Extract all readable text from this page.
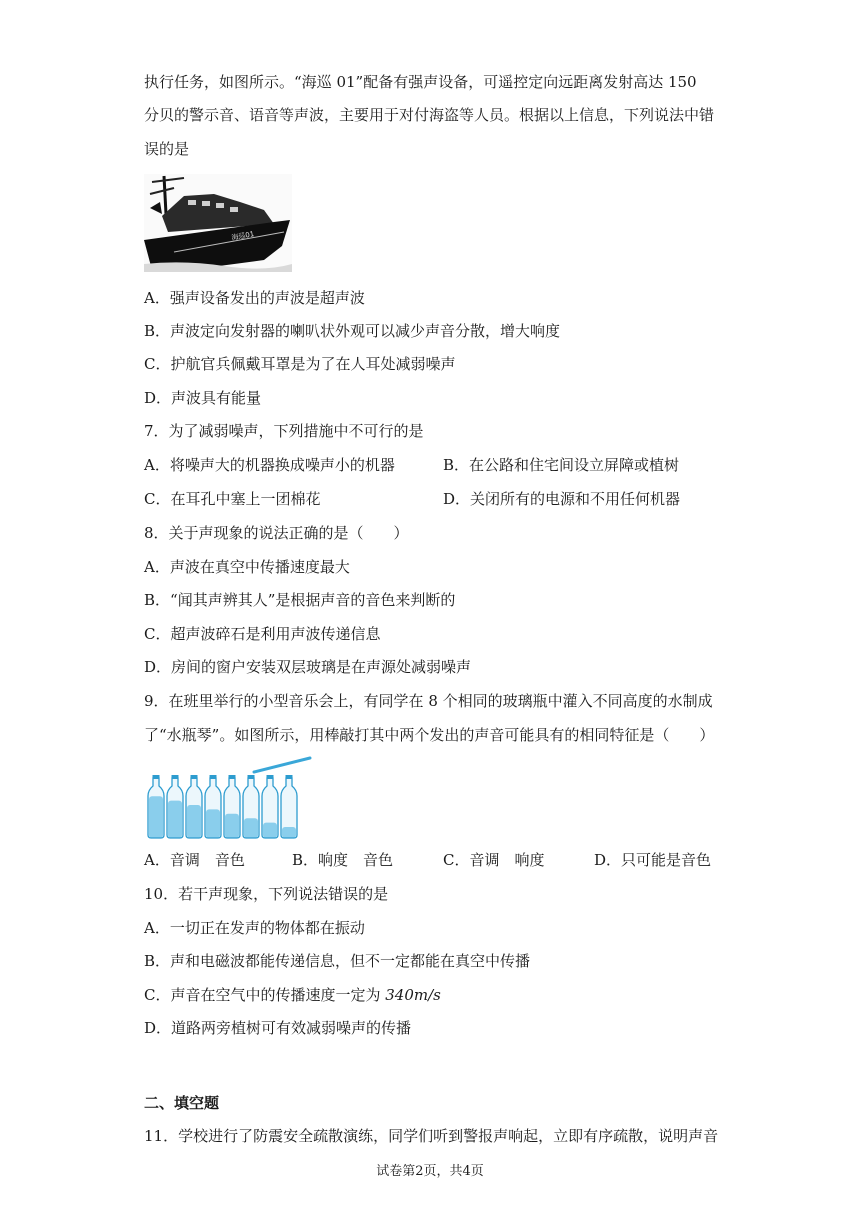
执行任务，如图所示。“海巡 01”配备有强声设备，可遥控定向远距离发射高达 150
分贝的警示音、语音等声波，主要用于对付海盗等人员。根据以上信息，下列说法中错
误的是
海巡01
A．强声设备发出的声波是超声波
B．声波定向发射器的喇叭状外观可以减少声音分散，增大响度
C．护航官兵佩戴耳罩是为了在人耳处减弱噪声
D．声波具有能量
7．为了减弱噪声，下列措施中不可行的是
A．将噪声大的机器换成噪声小的机器	B．在公路和住宅间设立屏障或植树
C．在耳孔中塞上一团棉花	D．关闭所有的电源和不用任何机器
8．关于声现象的说法正确的是（　　）
A．声波在真空中传播速度最大
B．“闻其声辨其人”是根据声音的音色来判断的
C．超声波碎石是利用声波传递信息
D．房间的窗户安装双层玻璃是在声源处减弱噪声
9．在班里举行的小型音乐会上，有同学在 8 个相同的玻璃瓶中灌入不同高度的水制成
了“水瓶琴”。如图所示，用棒敲打其中两个发出的声音可能具有的相同特征是（　　）
A．音调　音色	B．响度　音色	C．音调　响度	D．只可能是音色
10．若干声现象，下列说法错误的是
A．一切正在发声的物体都在振动
B．声和电磁波都能传递信息，但不一定都能在真空中传播
C．声音在空气中的传播速度一定为 340m/s
D．道路两旁植树可有效减弱噪声的传播
二、填空题
11．学校进行了防震安全疏散演练，同学们听到警报声响起，立即有序疏散，说明声音
试卷第2页，共4页
